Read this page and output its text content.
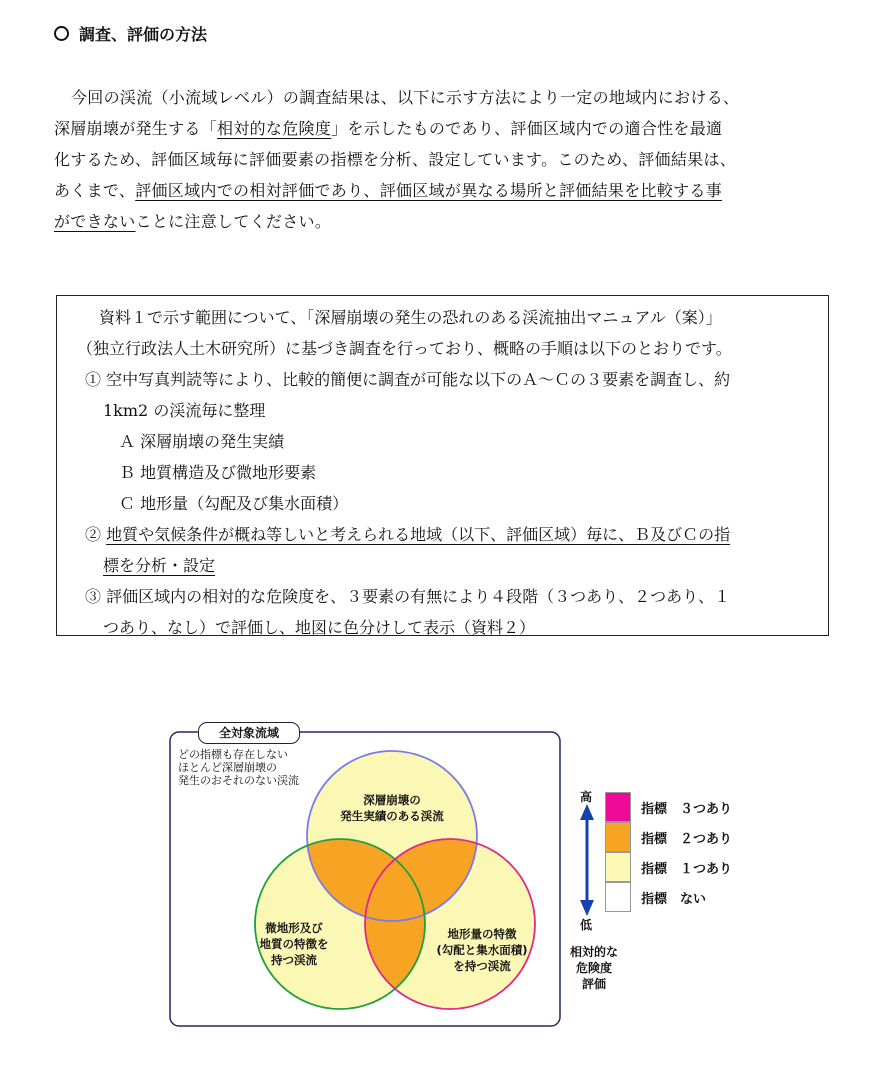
調査、評価の方法
今回の渓流（小流域レベル）の調査結果は、以下に示す方法により一定の地域内における、
深層崩壊が発生する「相対的な危険度」を示したものであり、評価区域内での適合性を最適
化するため、評価区域毎に評価要素の指標を分析、設定しています。このため、評価結果は、
あくまで、評価区域内での相対評価であり、評価区域が異なる場所と評価結果を比較する事
ができないことに注意してください。
資料１で示す範囲について、「深層崩壊の発生の恐れのある渓流抽出マニュアル（案）」
（独立行政法人土木研究所）に基づき調査を行っており、概略の手順は以下のとおりです。
① 空中写真判読等により、比較的簡便に調査が可能な以下のＡ～Ｃの３要素を調査し、約
1km2 の渓流毎に整理
Ａ 深層崩壊の発生実績
Ｂ 地質構造及び微地形要素
Ｃ 地形量（勾配及び集水面積）
② 地質や気候条件が概ね等しいと考えられる地域（以下、評価区域）毎に、Ｂ及びＣの指
標を分析・設定
③ 評価区域内の相対的な危険度を、３要素の有無により４段階（３つあり、２つあり、１
つあり、なし）で評価し、地図に色分けして表示（資料２）
全対象流域
どの指標も存在しない
ほとんど深層崩壊の
発生のおそれのない渓流
深層崩壊の
発生実績のある渓流
微地形及び
地質の特徴を
持つ渓流
地形量の特徴
(勾配と集水面積)
を持つ渓流
高
低
相対的な
危険度
評価
指標　３つあり
指標　２つあり
指標　１つあり
指標　ない
